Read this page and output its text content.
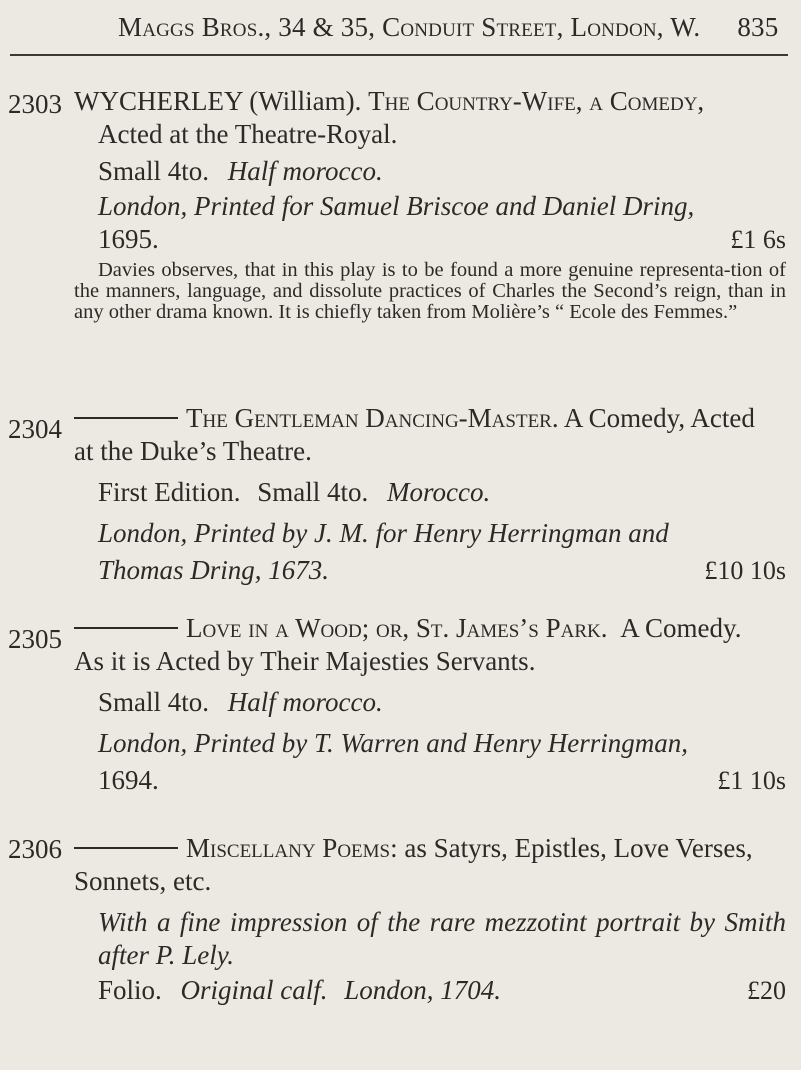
Maggs Bros., 34 & 35, Conduit Street, London, W. 835
2303 WYCHERLEY (William). The Country-Wife, a Comedy,

Acted at the Theatre-Royal.

Small 4to. Half morocco.

London, Printed for Samuel Briscoe and Daniel Dring,

1695.	£1 6s

Davies observes, that in this play is to be found a more genuine representa-tion of the manners, language, and dissolute practices of Charles the Second’s reign, than in any other drama known. It is chiefly taken from Molière’s “ Ecole des Femmes.”

2304	The Gentleman Dancing-Master. A Comedy, Acted

at the Duke’s Theatre.

First Edition. Small 4to. Morocco.

London, Printed by J. M. for Henry Herringman and

Thomas Dring, 1673.	£10 10s
2305	Love in a Wood; or, St. James’s Park. A Comedy.

As it is Acted by Their Majesties Servants.

Small 4to. Half morocco.

London, Printed by T. Warren and Henry Herringman,

1694.	£1 10s
2306	Miscellany Poems: as Satyrs, Epistles, Love Verses,

Sonnets, etc.

With a fine impression of the rare mezzotint portrait by Smith after P. Lely.

Folio. Original calf. London, 1704.	£20
